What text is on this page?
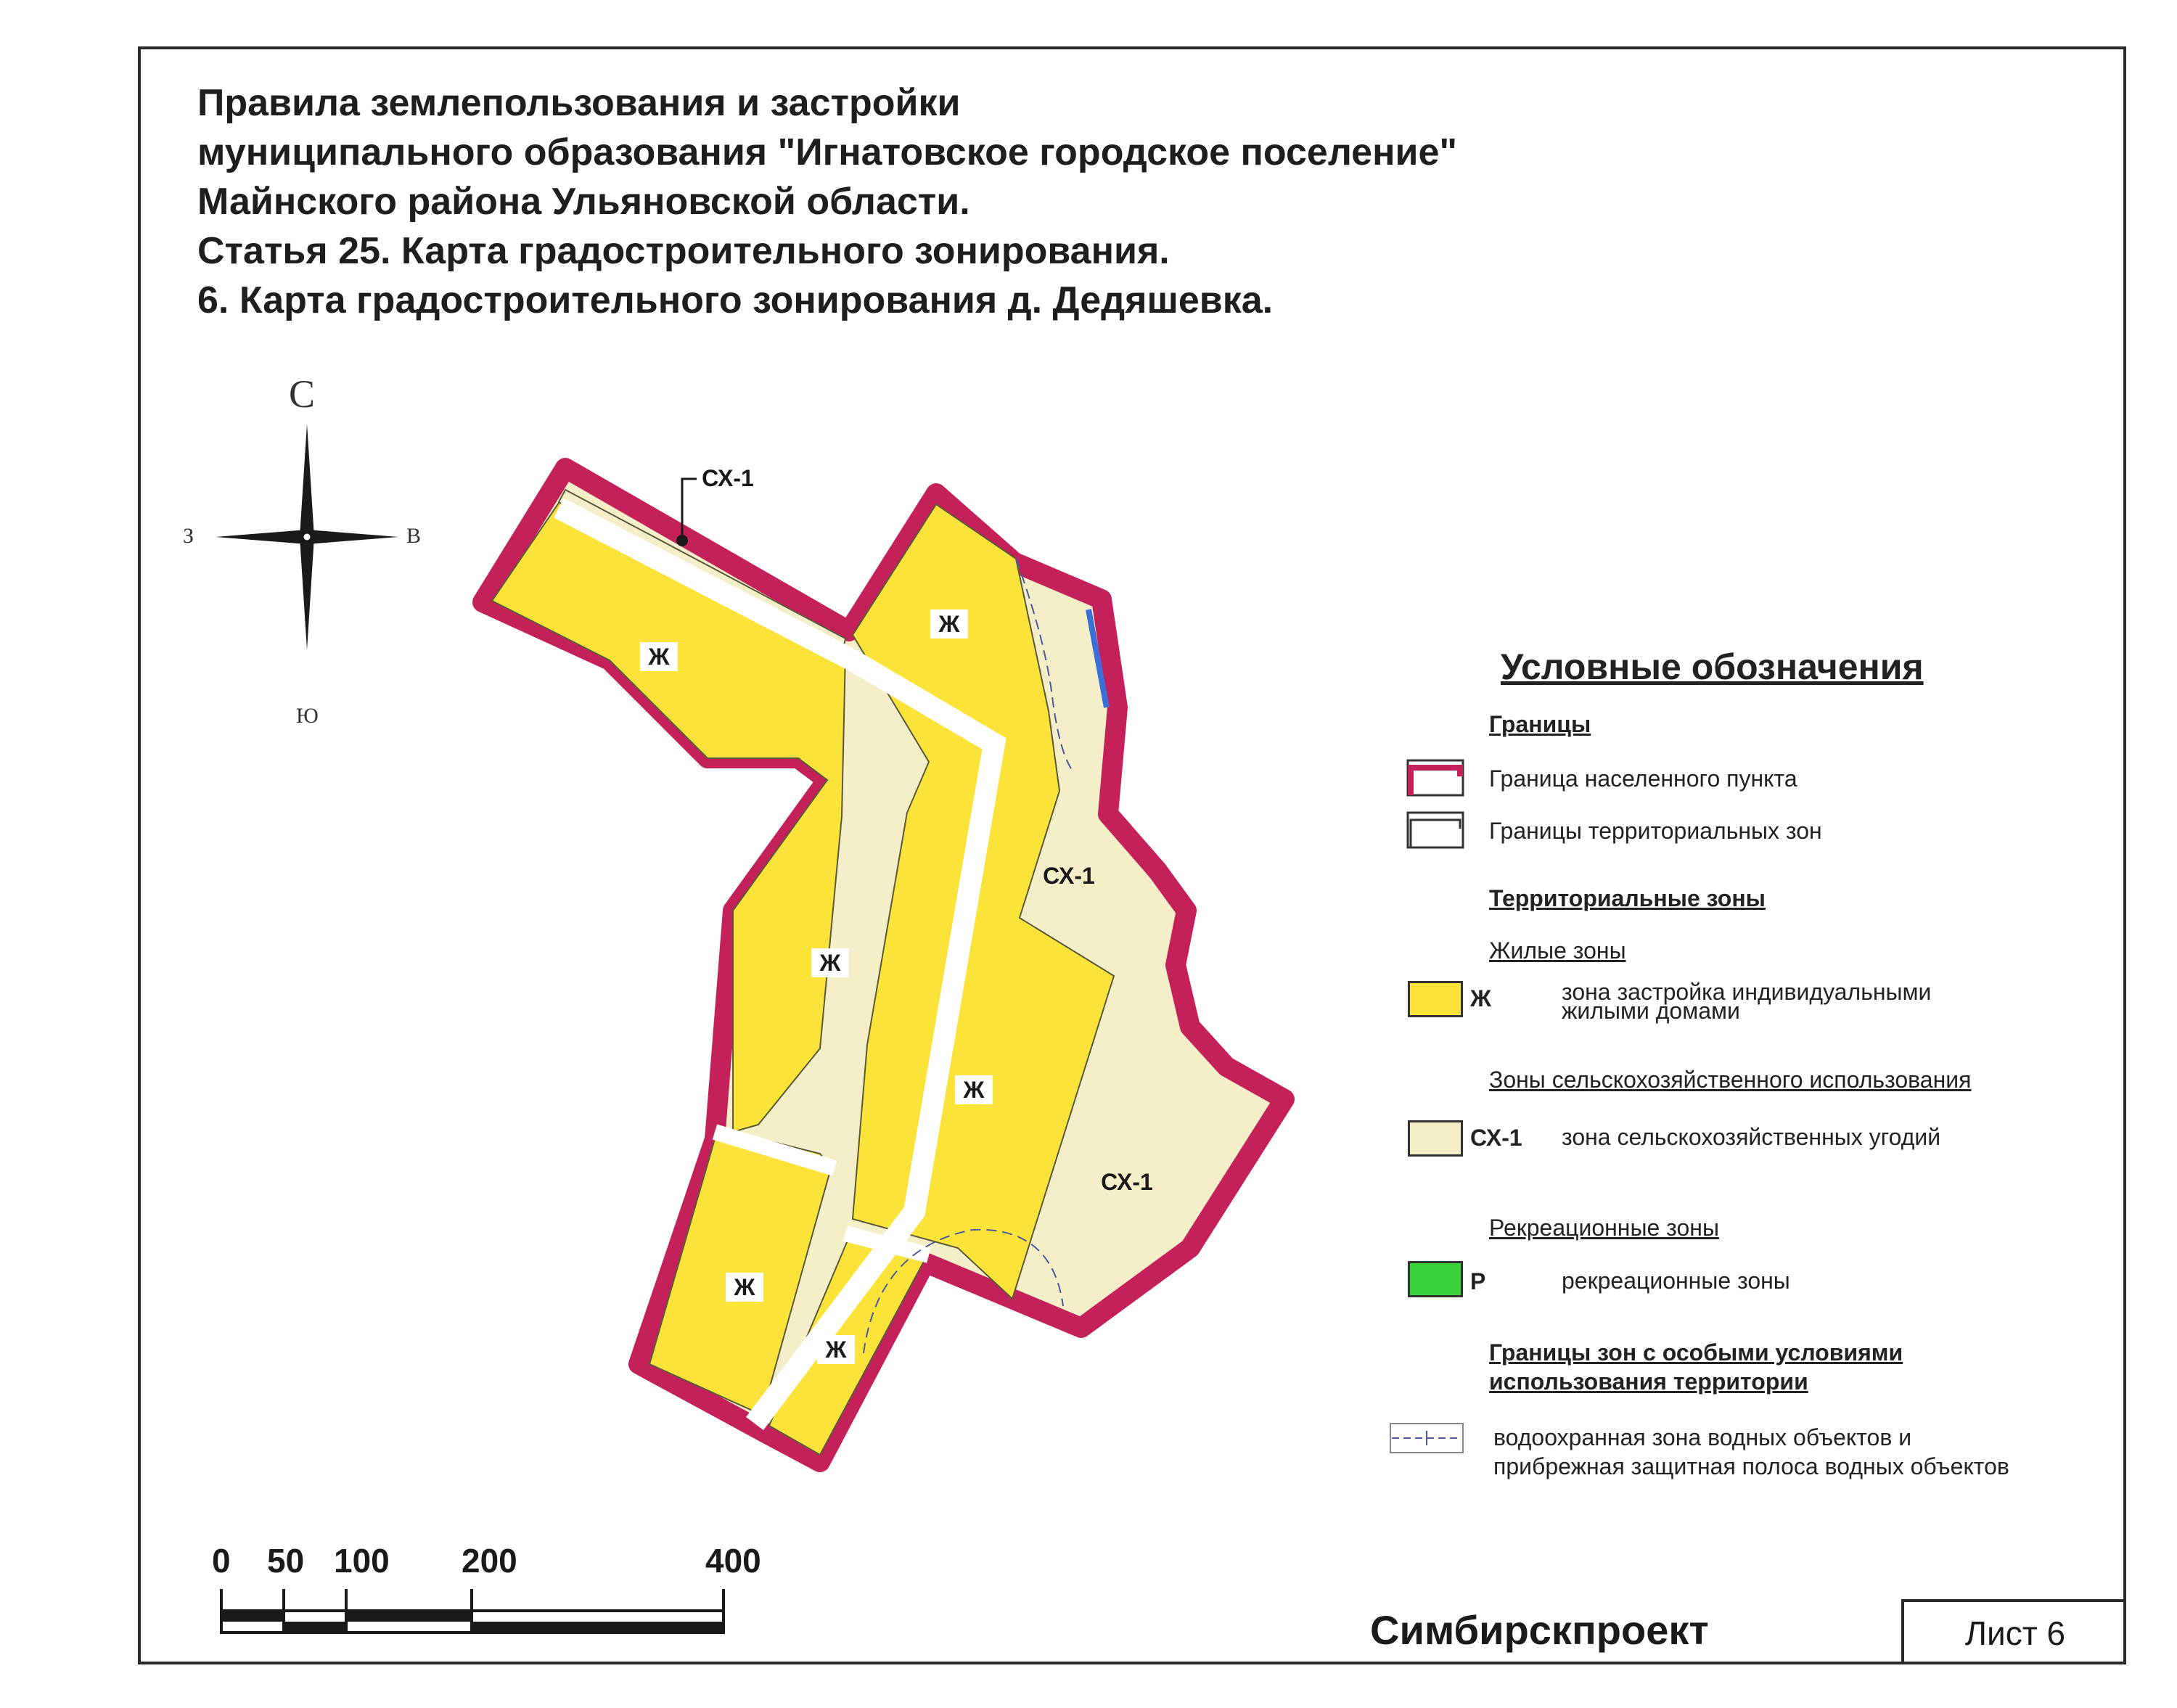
Правила землепользования и застройки
муниципального образования "Игнатовское городское поселение"
Майнского района Ульяновской области.
Статья 25. Карта градостроительного зонирования.
6. Карта градостроительного зонирования д. Дедяшевка.
Ж
Ж
Ж
Ж
Ж
Ж
СХ-1
СХ-1
СХ-1
С
З	В
Ю
Условные обозначения
Границы
Граница населенного пункта
Границы территориальных зон
Территориальные зоны
Жилые зоны
Ж	зона застройка индивидуальными
жилыми домами
Зоны сельскохозяйственного использования
СХ-1 зона сельскохозяйственных угодий
Рекреационные зоны
Р	рекреационные зоны
Границы зон с особыми условиями
использования территории
водоохранная зона водных объектов и
прибрежная защитная полоса водных объектов
0 50 100 200	400
Симбирскпроект	Лист 6
